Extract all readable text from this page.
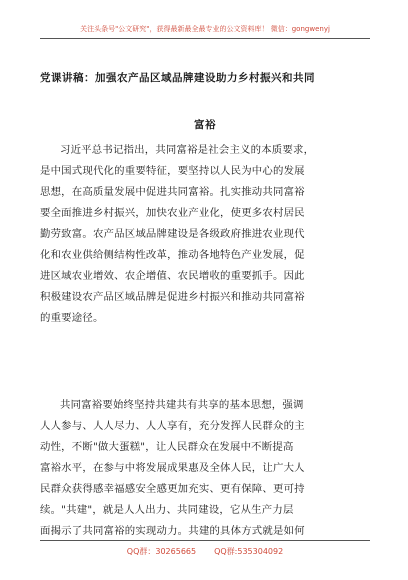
关注头条号"公文研究"，获得最新最全最专业的公文资料库！ 微信：gongwenyj
党课讲稿：加强农产品区域品牌建设助力乡村振兴和共同
富裕
习近平总书记指出，共同富裕是社会主义的本质要求，
是中国式现代化的重要特征，要坚持以人民为中心的发展
思想，在高质量发展中促进共同富裕。扎实推动共同富裕
要全面推进乡村振兴，加快农业产业化，使更多农村居民
勤劳致富。农产品区域品牌建设是各级政府推进农业现代
化和农业供给侧结构性改革，推动各地特色产业发展，促
进区域农业增效、农企增值、农民增收的重要抓手。因此
积极建设农产品区域品牌是促进乡村振兴和推动共同富裕
的重要途径。
共同富裕要始终坚持共建共有共享的基本思想，强调
人人参与、人人尽力、人人享有，充分发挥人民群众的主
动性，不断"做大蛋糕"，让人民群众在发展中不断提高
富裕水平，在参与中将发展成果惠及全体人民，让广大人
民群众获得感幸福感安全感更加充实、更有保障、更可持
续。"共建"，就是人人出力、共同建设，它从生产力层
面揭示了共同富裕的实现动力。共建的具体方式就是如何
QQ群：30265665 QQ群:535304092
